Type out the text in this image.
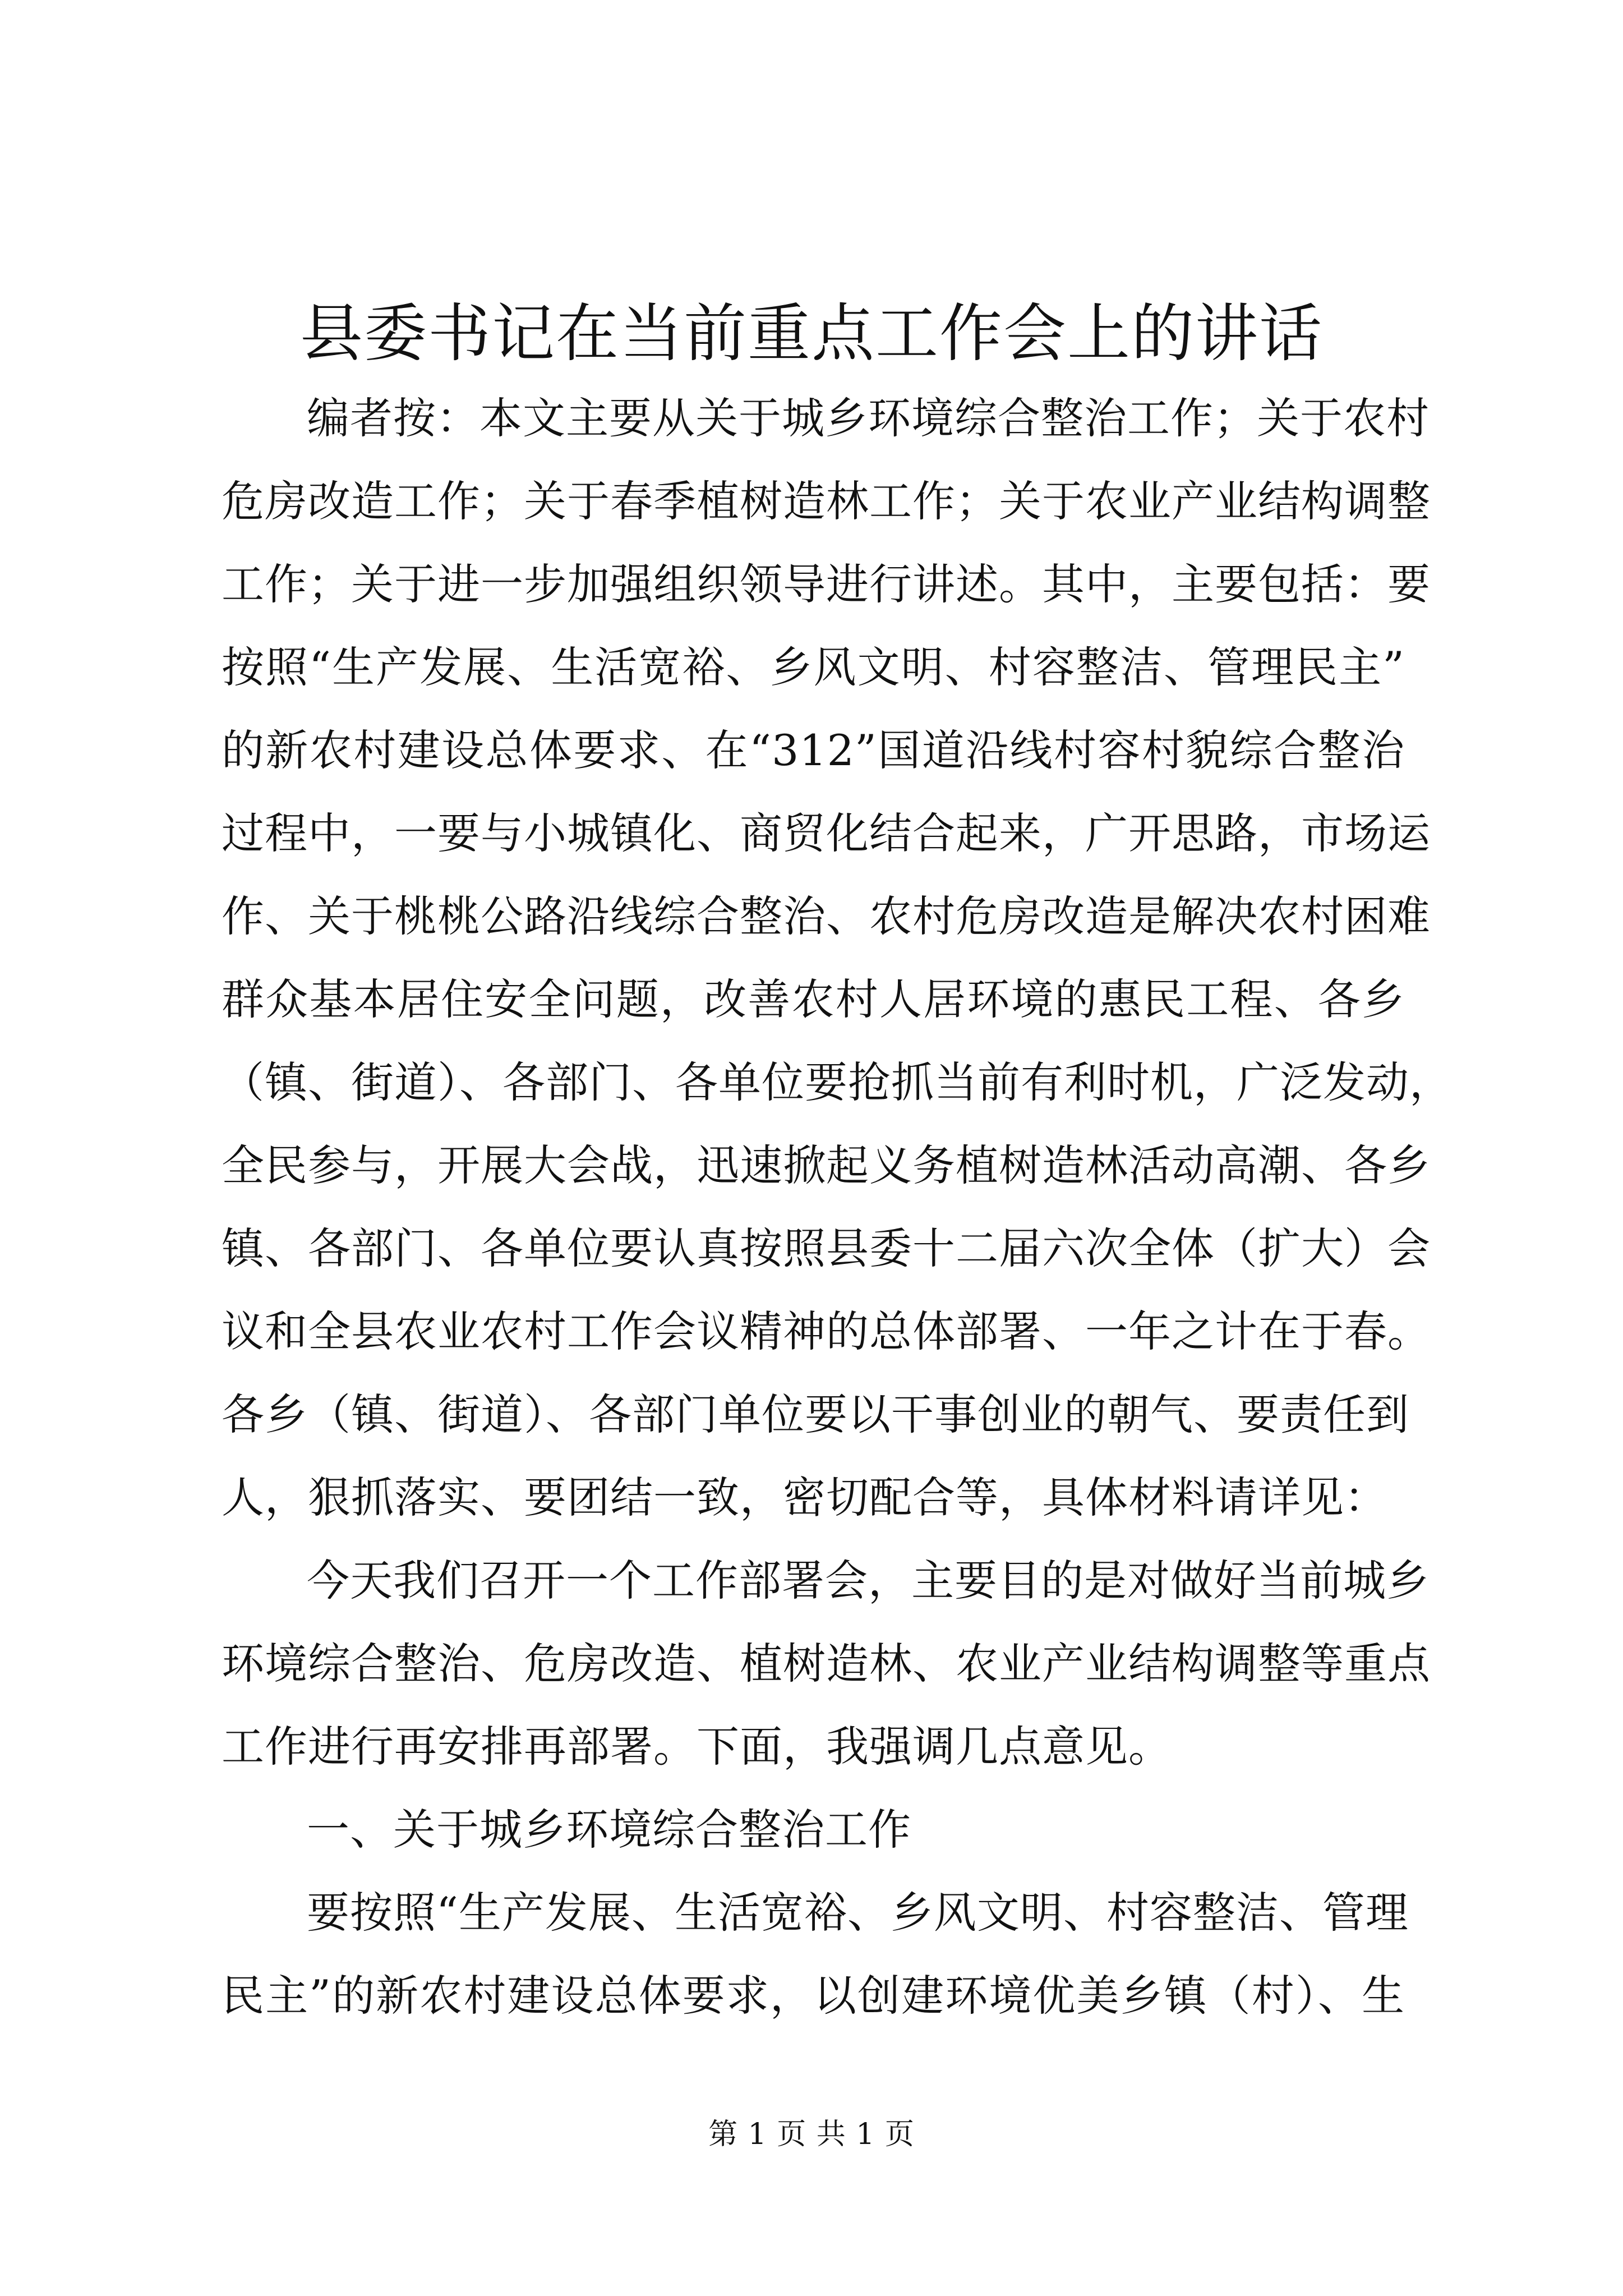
县委书记在当前重点工作会上的讲话

编者按：本文主要从关于城乡环境综合整治工作；关于农村
危房改造工作；关于春季植树造林工作；关于农业产业结构调整
工作；关于进一步加强组织领导进行讲述。其中，主要包括：要
按照“生产发展、生活宽裕、乡风文明、村容整洁、管理民主”
的新农村建设总体要求、在“312”国道沿线村容村貌综合整治
过程中，一要与小城镇化、商贸化结合起来，广开思路，市场运
作、关于桃桃公路沿线综合整治、农村危房改造是解决农村困难
群众基本居住安全问题，改善农村人居环境的惠民工程、各乡
（镇、街道）、各部门、各单位要抢抓当前有利时机，广泛发动，
全民参与，开展大会战，迅速掀起义务植树造林活动高潮、各乡
镇、各部门、各单位要认真按照县委十二届六次全体（扩大）会
议和全县农业农村工作会议精神的总体部署、一年之计在于春。
各乡（镇、街道）、各部门单位要以干事创业的朝气、要责任到
人，狠抓落实、要团结一致，密切配合等，具体材料请详见：

今天我们召开一个工作部署会，主要目的是对做好当前城乡
环境综合整治、危房改造、植树造林、农业产业结构调整等重点
工作进行再安排再部署。下面，我强调几点意见。

一、关于城乡环境综合整治工作

要按照“生产发展、生活宽裕、乡风文明、村容整洁、管理
民主”的新农村建设总体要求，以创建环境优美乡镇（村）、生

第 1 页 共 1 页
